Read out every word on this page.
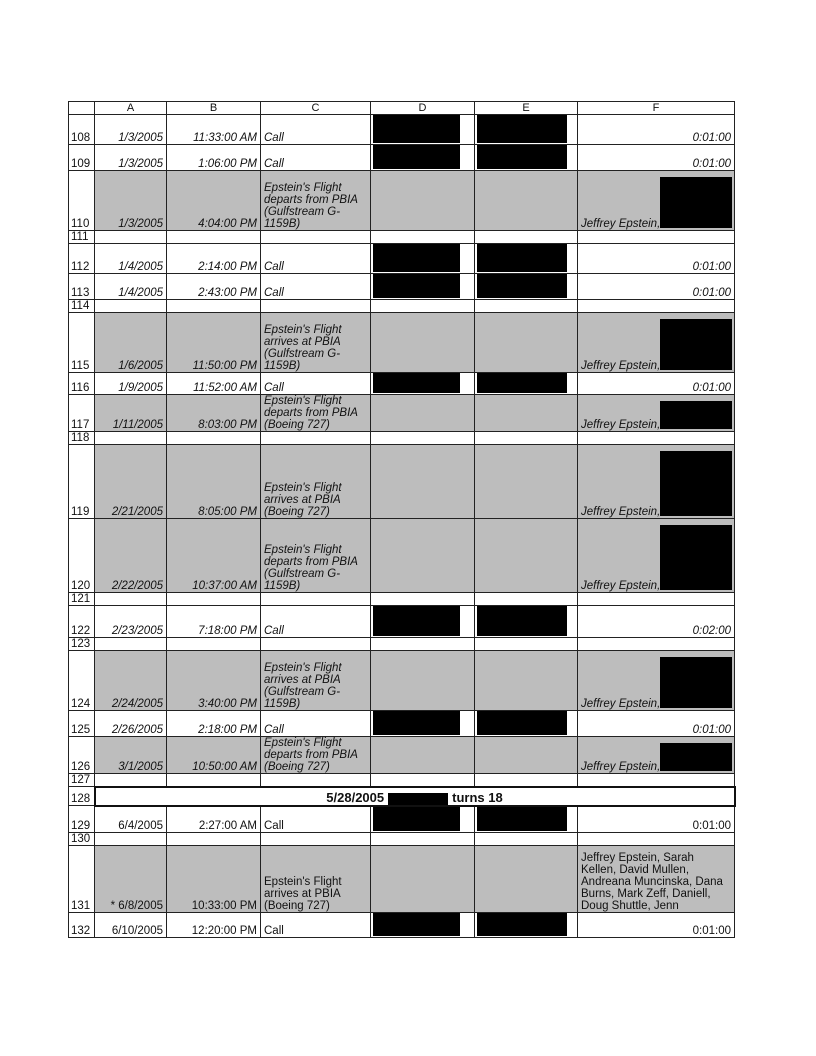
	A	B	C	D	E	F
108	1/3/2005	11:33:00 AM	Call			0:01:00

109	1/3/2005	1:06:00 PM	Call			0:01:00

110	1/3/2005	4:04:00 PM	Epstein's Flight departs from PBIA (Gulfstream G-1159B)			Jeffrey Epstein,

111						
112	1/4/2005	2:14:00 PM	Call			0:01:00

113	1/4/2005	2:43:00 PM	Call			0:01:00

114						
115	1/6/2005	11:50:00 PM	Epstein's Flight arrives at PBIA (Gulfstream G-1159B)			Jeffrey Epstein,

116	1/9/2005	11:52:00 AM	Call			0:01:00

117	1/11/2005	8:03:00 PM	Epstein's Flight departs from PBIA (Boeing 727)			Jeffrey Epstein,

118						
119	2/21/2005	8:05:00 PM	Epstein's Flight arrives at PBIA (Boeing 727)			Jeffrey Epstein,

120	2/22/2005	10:37:00 AM	Epstein's Flight departs from PBIA (Gulfstream G-1159B)			Jeffrey Epstein,

121						
122	2/23/2005	7:18:00 PM	Call			0:02:00

123						
124	2/24/2005	3:40:00 PM	Epstein's Flight arrives at PBIA (Gulfstream G-1159B)			Jeffrey Epstein,

125	2/26/2005	2:18:00 PM	Call			0:01:00

126	3/1/2005	10:50:00 AM	Epstein's Flight departs from PBIA (Boeing 727)			Jeffrey Epstein,

127						
128	5/28/2005 turns 18					
129	6/4/2005	2:27:00 AM	Call			0:01:00

130						
131	* 6/8/2005	10:33:00 PM	Epstein's Flight arrives at PBIA (Boeing 727)			Jeffrey Epstein, Sarah Kellen, David Mullen, Andreana Muncinska, Dana Burns, Mark Zeff, Daniell, Doug Shuttle, Jenn
132	6/10/2005	12:20:00 PM	Call			0:01:00
